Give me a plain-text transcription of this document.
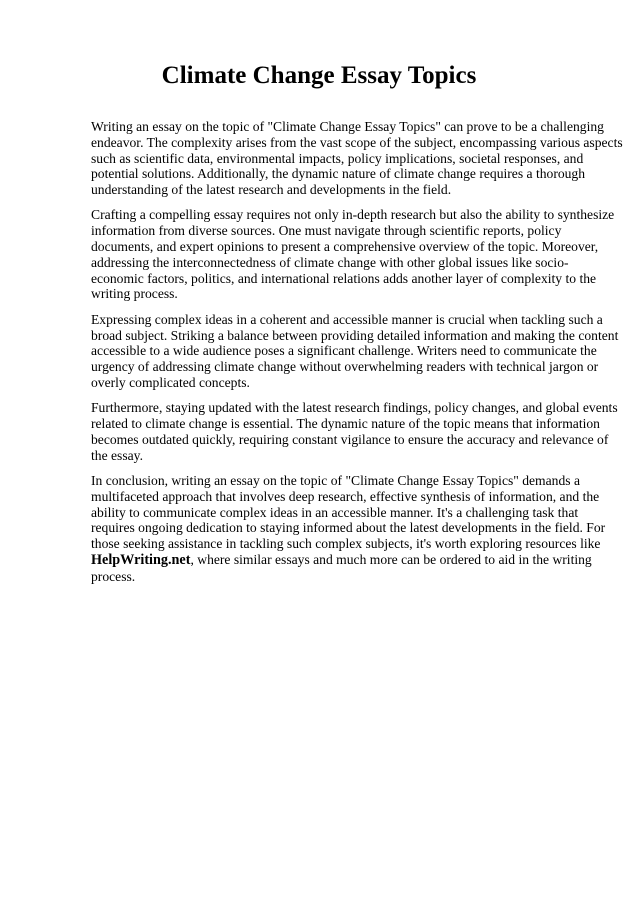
Climate Change Essay Topics

Writing an essay on the topic of "Climate Change Essay Topics" can prove to be a challenging
endeavor. The complexity arises from the vast scope of the subject, encompassing various aspects
such as scientific data, environmental impacts, policy implications, societal responses, and
potential solutions. Additionally, the dynamic nature of climate change requires a thorough
understanding of the latest research and developments in the field.

Crafting a compelling essay requires not only in-depth research but also the ability to synthesize
information from diverse sources. One must navigate through scientific reports, policy
documents, and expert opinions to present a comprehensive overview of the topic. Moreover,
addressing the interconnectedness of climate change with other global issues like socio-
economic factors, politics, and international relations adds another layer of complexity to the
writing process.

Expressing complex ideas in a coherent and accessible manner is crucial when tackling such a
broad subject. Striking a balance between providing detailed information and making the content
accessible to a wide audience poses a significant challenge. Writers need to communicate the
urgency of addressing climate change without overwhelming readers with technical jargon or
overly complicated concepts.

Furthermore, staying updated with the latest research findings, policy changes, and global events
related to climate change is essential. The dynamic nature of the topic means that information
becomes outdated quickly, requiring constant vigilance to ensure the accuracy and relevance of
the essay.

In conclusion, writing an essay on the topic of "Climate Change Essay Topics" demands a
multifaceted approach that involves deep research, effective synthesis of information, and the
ability to communicate complex ideas in an accessible manner. It's a challenging task that
requires ongoing dedication to staying informed about the latest developments in the field. For
those seeking assistance in tackling such complex subjects, it's worth exploring resources like
HelpWriting.net, where similar essays and much more can be ordered to aid in the writing
process.
